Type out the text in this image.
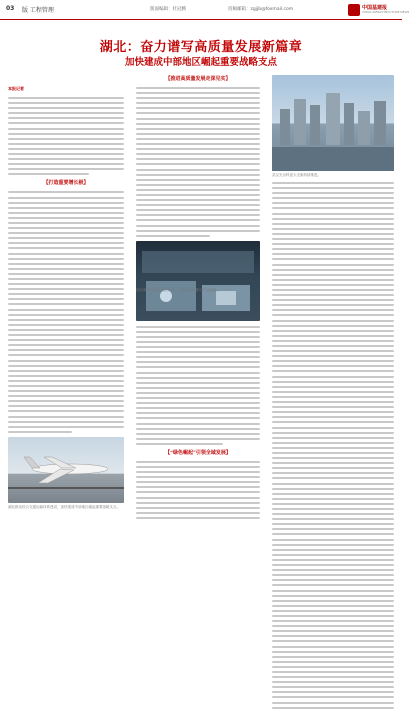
03 版 工程管理	版面编辑：杜冠腾	投稿邮箱：zgjjb@foxmail.com	中国基建报
CHINA INFRASTRUCTURE NEWS
湖北：奋力谱写高质量发展新篇章
加快建成中部地区崛起重要战略支点
本报记者
【打造重要增长极】
湖北推动综合交通运输体系建设，加快建成中部地区崛起重要战略支点。
【推进高质量发展走深见实】
【“绿色崛起”引领全域发展】
武汉光谷科创大走廊持续推进。
湖北谋划发展新质生产力，以科技创新推动产业创新。
